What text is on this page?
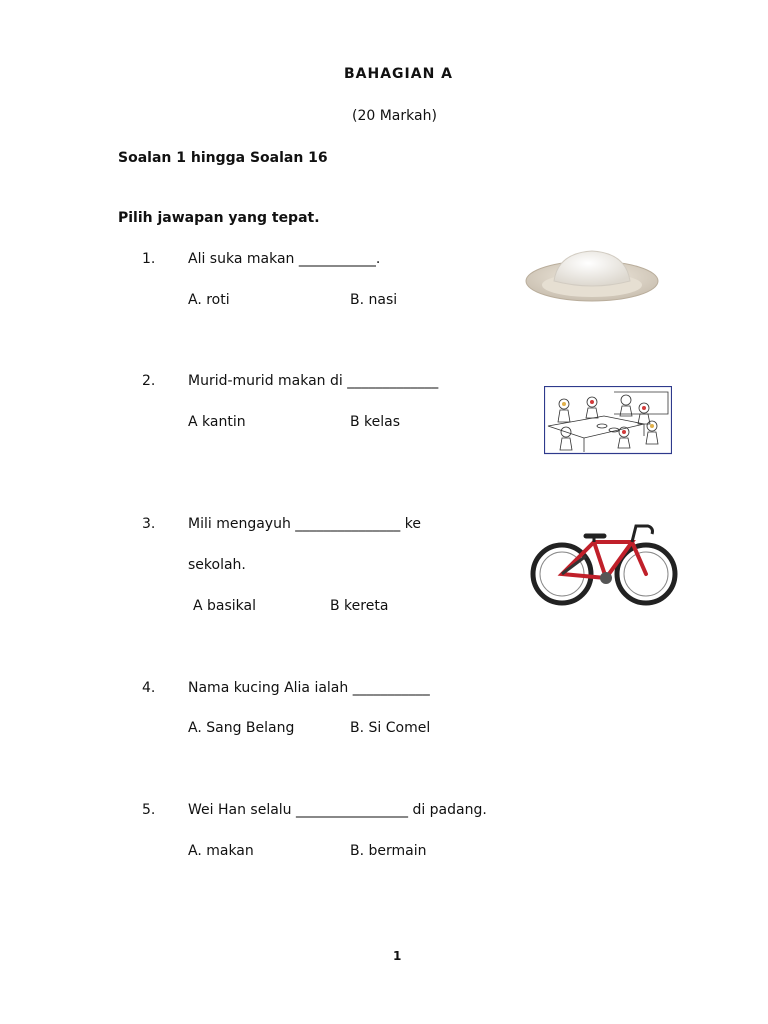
BAHAGIAN A
(20 Markah)
Soalan 1 hingga Soalan 16
Pilih jawapan yang tepat.
1. Ali suka makan ___________.
A. roti	B. nasi
2. Murid-murid makan di _____________
A kantin	B kelas
3. Mili mengayuh _______________ ke
sekolah.
A basikal	B kereta
4. Nama kucing Alia ialah ___________
A. Sang Belang	B. Si Comel
5. Wei Han selalu ________________ di padang.
A. makan	B. bermain
1
